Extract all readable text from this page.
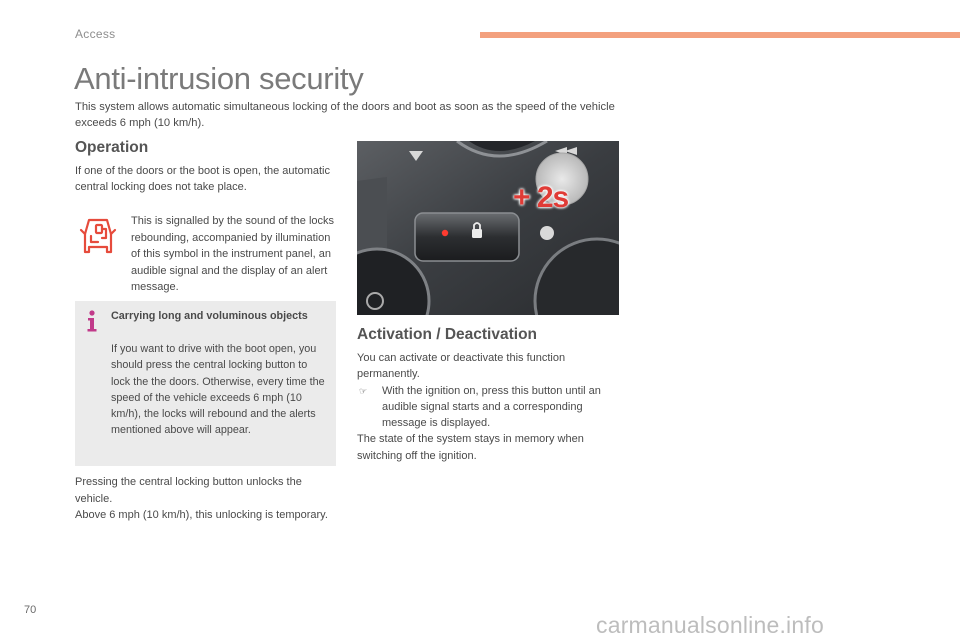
Access
Anti-intrusion security

This system allows automatic simultaneous locking of the doors and boot as soon as the speed of the vehicle exceeds 6 mph (10 km/h).

Operation

If one of the doors or the boot is open, the automatic central locking does not take place.

This is signalled by the sound of the locks rebounding, accompanied by illumination of this symbol in the instrument panel, an audible signal and the display of an alert message.

Carrying long and voluminous objects

If you want to drive with the boot open, you should press the central locking button to lock the the doors. Otherwise, every time the speed of the vehicle exceeds 6 mph (10 km/h), the locks will rebound and the alerts mentioned above will appear.

Pressing the central locking button unlocks the vehicle.

Above 6 mph (10 km/h), this unlocking is temporary.

+ 2s
Activation / Deactivation

You can activate or deactivate this function permanently.

☞ With the ignition on, press this button until an audible signal starts and a corresponding message is displayed.

The state of the system stays in memory when switching off the ignition.

70
carmanualsonline.info
